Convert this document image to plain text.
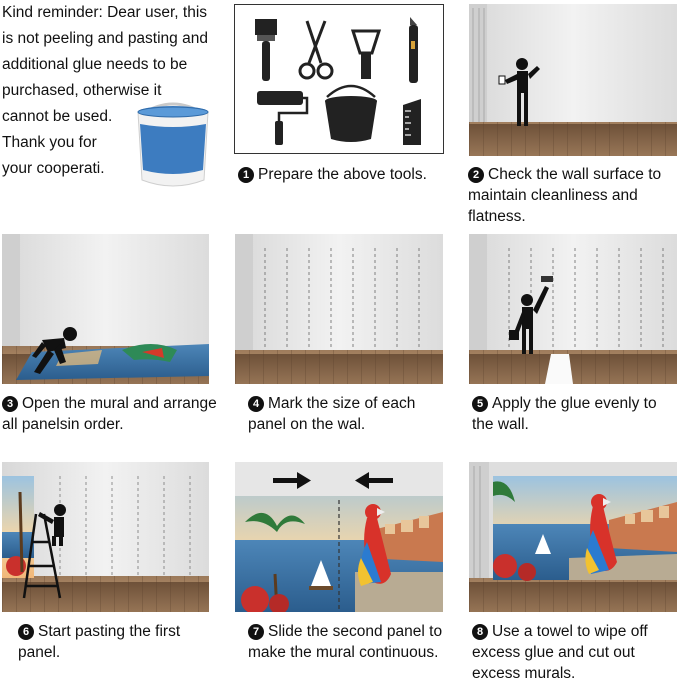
Kind reminder: Dear user, this

is not peeling and pasting and

additional glue needs to be

purchased, otherwise it

cannot be used.

Thank you for

your cooperati.	1 Prepare the above tools.	2 Check the wall surface to maintain cleanliness and flatness.
3 Open the mural and arrange all panelsin order.
4 Mark the size of each panel on the wal.
5 Apply the glue evenly to the wall.
6 Start pasting the first panel.
7 Slide the second panel to make the mural continuous.
8 Use a towel to wipe off excess glue and cut out excess murals.
